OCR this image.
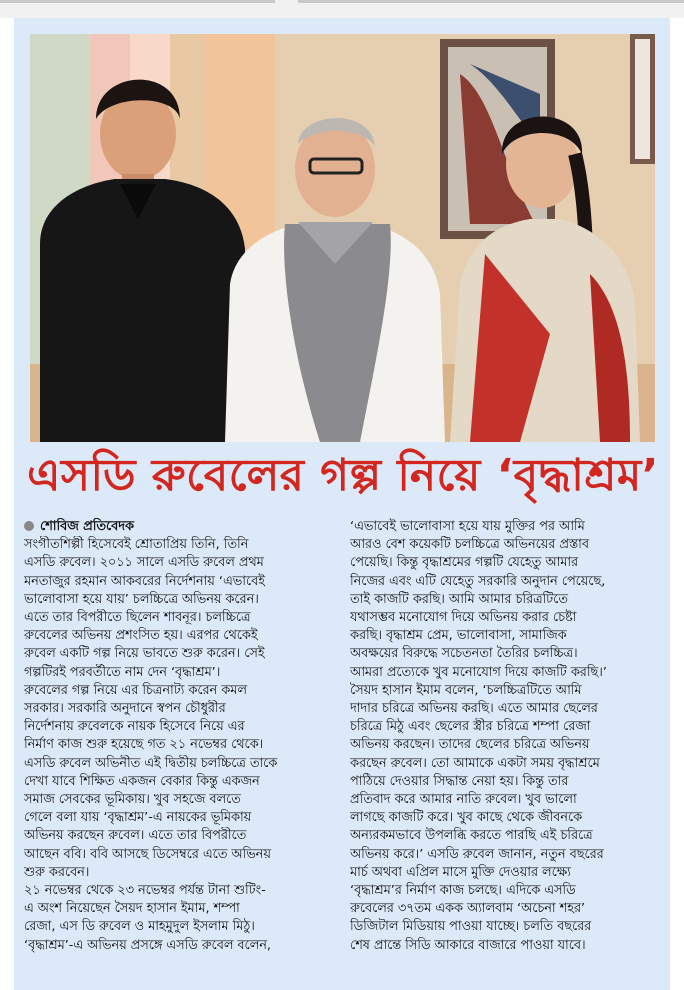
এসডি রুবেলের গল্প নিয়ে ‘বৃদ্ধাশ্রম’
শোবিজ প্রতিবেদক
সংগীতশিল্পী হিসেবেই শ্রোতাপ্রিয় তিনি, তিনি
এসডি রুবেল। ২০১১ সালে এসডি রুবেল প্রথম
মনতাজুর রহমান আকবরের নির্দেশনায় ‘এভাবেই
ভালোবাসা হয়ে যায়’ চলচ্চিত্রে অভিনয় করেন।
এতে তার বিপরীতে ছিলেন শাবনূর। চলচ্চিত্রে
রুবেলের অভিনয় প্রশংসিত হয়। এরপর থেকেই
রুবেল একটি গল্প নিয়ে ভাবতে শুরু করেন। সেই
গল্পটিরই পরবর্তীতে নাম দেন ‘বৃদ্ধাশ্রম’।
রুবেলের গল্প নিয়ে এর চিত্রনাট্য করেন কমল
সরকার। সরকারি অনুদানে স্বপন চৌধুরীর
নির্দেশনায় রুবেলকে নায়ক হিসেবে নিয়ে এর
নির্মাণ কাজ শুরু হয়েছে গত ২১ নভেম্বর থেকে।
এসডি রুবেল অভিনীত এই দ্বিতীয় চলচ্চিত্রে তাকে
দেখা যাবে শিক্ষিত একজন বেকার কিন্তু একজন
সমাজ সেবকের ভূমিকায়। খুব সহজে বলতে
গেলে বলা যায় ‘বৃদ্ধাশ্রম’-এ নায়কের ভূমিকায়
অভিনয় করছেন রুবেল। এতে তার বিপরীতে
আছেন ববি। ববি আসছে ডিসেম্বরে এতে অভিনয়
শুরু করবেন।
২১ নভেম্বর থেকে ২৩ নভেম্বর পর্যন্ত টানা শুটিং-
এ অংশ নিয়েছেন সৈয়দ হাসান ইমাম, শম্পা
রেজা, এস ডি রুবেল ও মাহমুদুল ইসলাম মিঠু।
‘বৃদ্ধাশ্রম’-এ অভিনয় প্রসঙ্গে এসডি রুবেল বলেন,
‘এভাবেই ভালোবাসা হয়ে যায় মুক্তির পর আমি
আরও বেশ কয়েকটি চলচ্চিত্রে অভিনয়ের প্রস্তাব
পেয়েছি। কিন্তু বৃদ্ধাশ্রমের গল্পটি যেহেতু আমার
নিজের এবং এটি যেহেতু সরকারি অনুদান পেয়েছে,
তাই কাজটি করছি। আমি আমার চরিত্রটিতে
যথাসম্ভব মনোযোগ দিয়ে অভিনয় করার চেষ্টা
করছি। বৃদ্ধাশ্রম প্রেম, ভালোবাসা, সামাজিক
অবক্ষয়ের বিরুদ্ধে সচেতনতা তৈরির চলচ্চিত্র।
আমরা প্রত্যেকে খুব মনোযোগ দিয়ে কাজটি করছি।’
সৈয়দ হাসান ইমাম বলেন, ‘চলচ্চিত্রটিতে আমি
দাদার চরিত্রে অভিনয় করছি। এতে আমার ছেলের
চরিত্রে মিঠু এবং ছেলের স্ত্রীর চরিত্রে শম্পা রেজা
অভিনয় করছেন। তাদের ছেলের চরিত্রে অভিনয়
করছেন রুবেল। তো আমাকে একটা সময় বৃদ্ধাশ্রমে
পাঠিয়ে দেওয়ার সিদ্ধান্ত নেয়া হয়। কিন্তু তার
প্রতিবাদ করে আমার নাতি রুবেল। খুব ভালো
লাগছে কাজটি করে। খুব কাছে থেকে জীবনকে
অন্যরকমভাবে উপলব্ধি করতে পারছি এই চরিত্রে
অভিনয় করে।’ এসডি রুবেল জানান, নতুন বছরের
মার্চ অথবা এপ্রিল মাসে মুক্তি দেওয়ার লক্ষ্যে
‘বৃদ্ধাশ্রম’র নির্মাণ কাজ চলছে। এদিকে এসডি
রুবেলের ৩৭তম একক অ্যালবাম ‘অচেনা শহর’
ডিজিটাল মিডিয়ায় পাওয়া যাচ্ছে। চলতি বছরের
শেষ প্রান্তে সিডি আকারে বাজারে পাওয়া যাবে।
